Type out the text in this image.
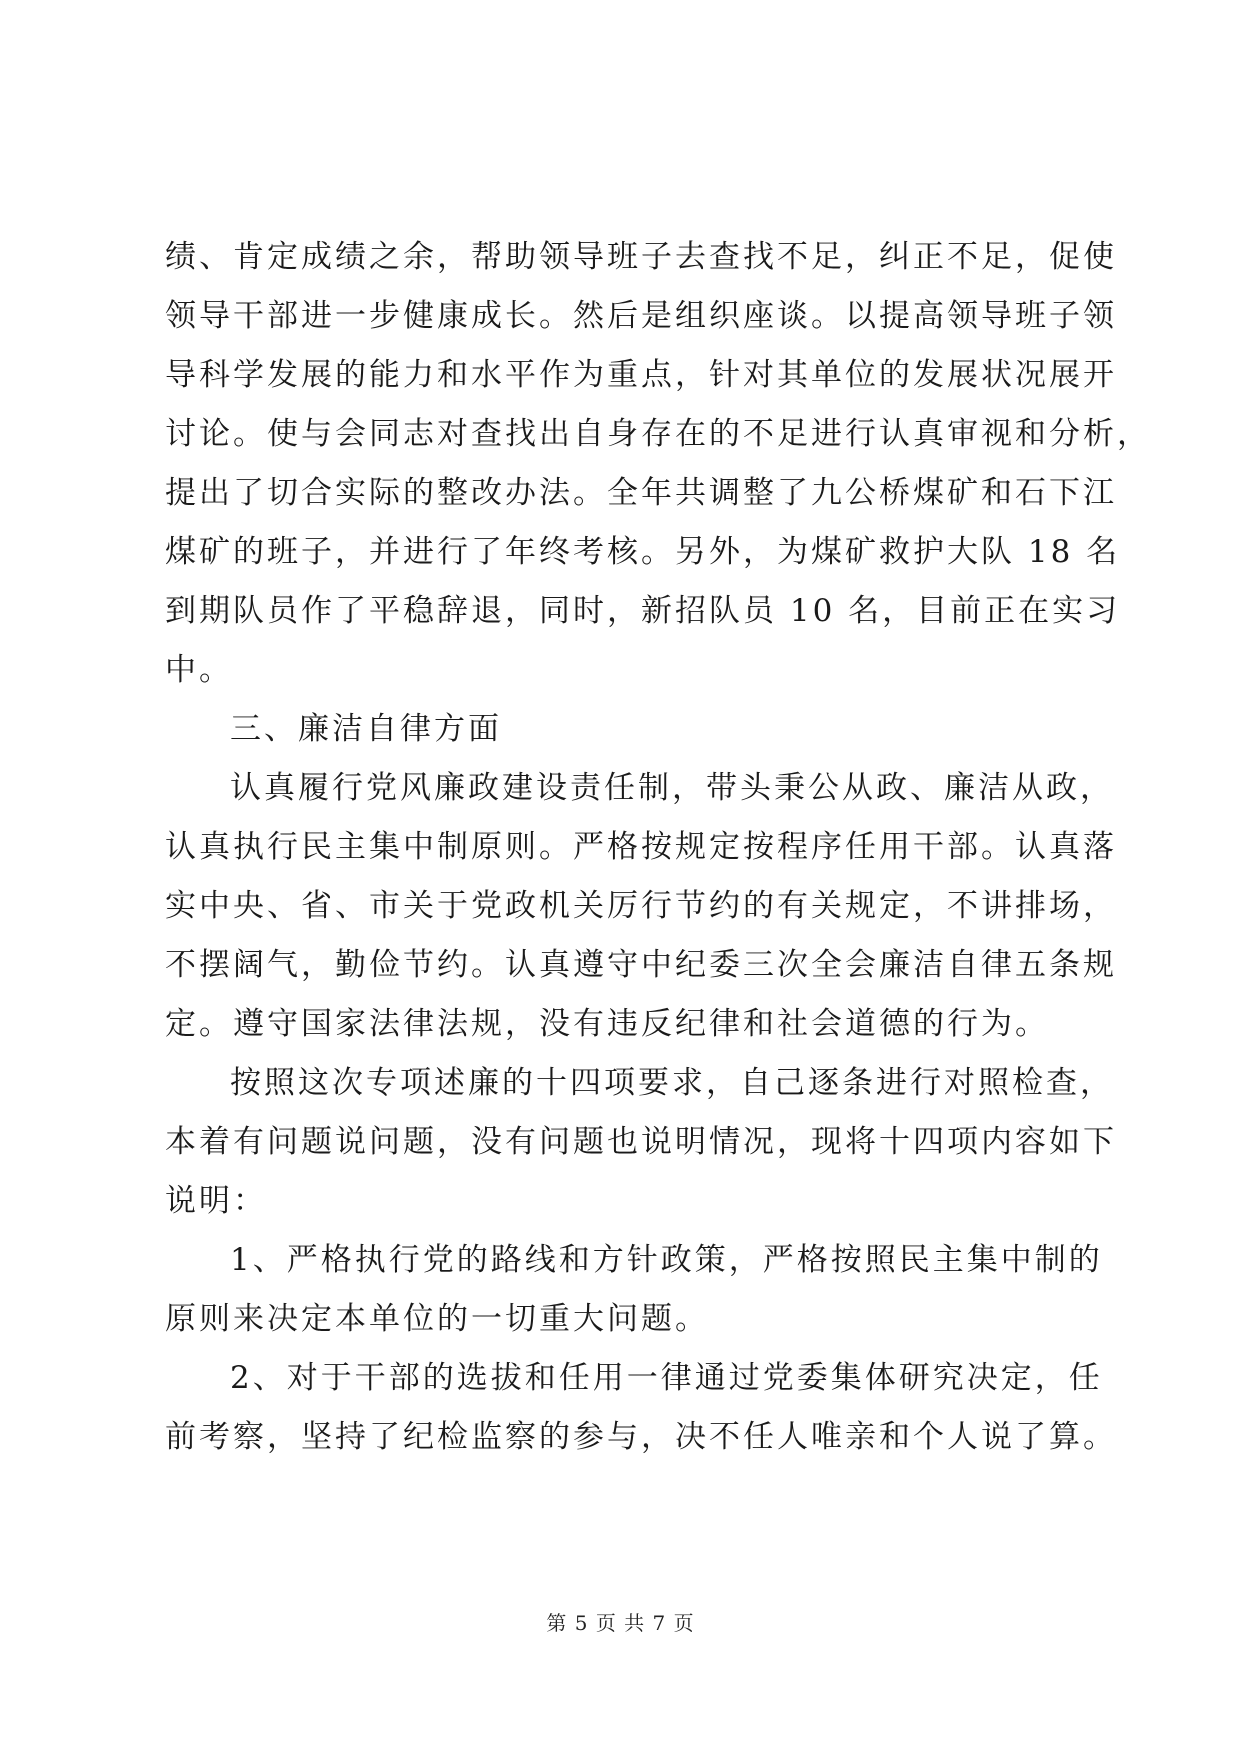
绩、肯定成绩之余，帮助领导班子去查找不足，纠正不足，促使
领导干部进一步健康成长。然后是组织座谈。以提高领导班子领
导科学发展的能力和水平作为重点，针对其单位的发展状况展开
讨论。使与会同志对查找出自身存在的不足进行认真审视和分析，
提出了切合实际的整改办法。全年共调整了九公桥煤矿和石下江
煤矿的班子，并进行了年终考核。另外，为煤矿救护大队 18 名
到期队员作了平稳辞退，同时，新招队员 10 名，目前正在实习
中。
三、廉洁自律方面
认真履行党风廉政建设责任制，带头秉公从政、廉洁从政，
认真执行民主集中制原则。严格按规定按程序任用干部。认真落
实中央、省、市关于党政机关厉行节约的有关规定，不讲排场，
不摆阔气，勤俭节约。认真遵守中纪委三次全会廉洁自律五条规
定。遵守国家法律法规，没有违反纪律和社会道德的行为。
按照这次专项述廉的十四项要求，自己逐条进行对照检查，
本着有问题说问题，没有问题也说明情况，现将十四项内容如下
说明：
1、严格执行党的路线和方针政策，严格按照民主集中制的
原则来决定本单位的一切重大问题。
2、对于干部的选拔和任用一律通过党委集体研究决定，任
前考察，坚持了纪检监察的参与，决不任人唯亲和个人说了算。
第 5 页 共 7 页
